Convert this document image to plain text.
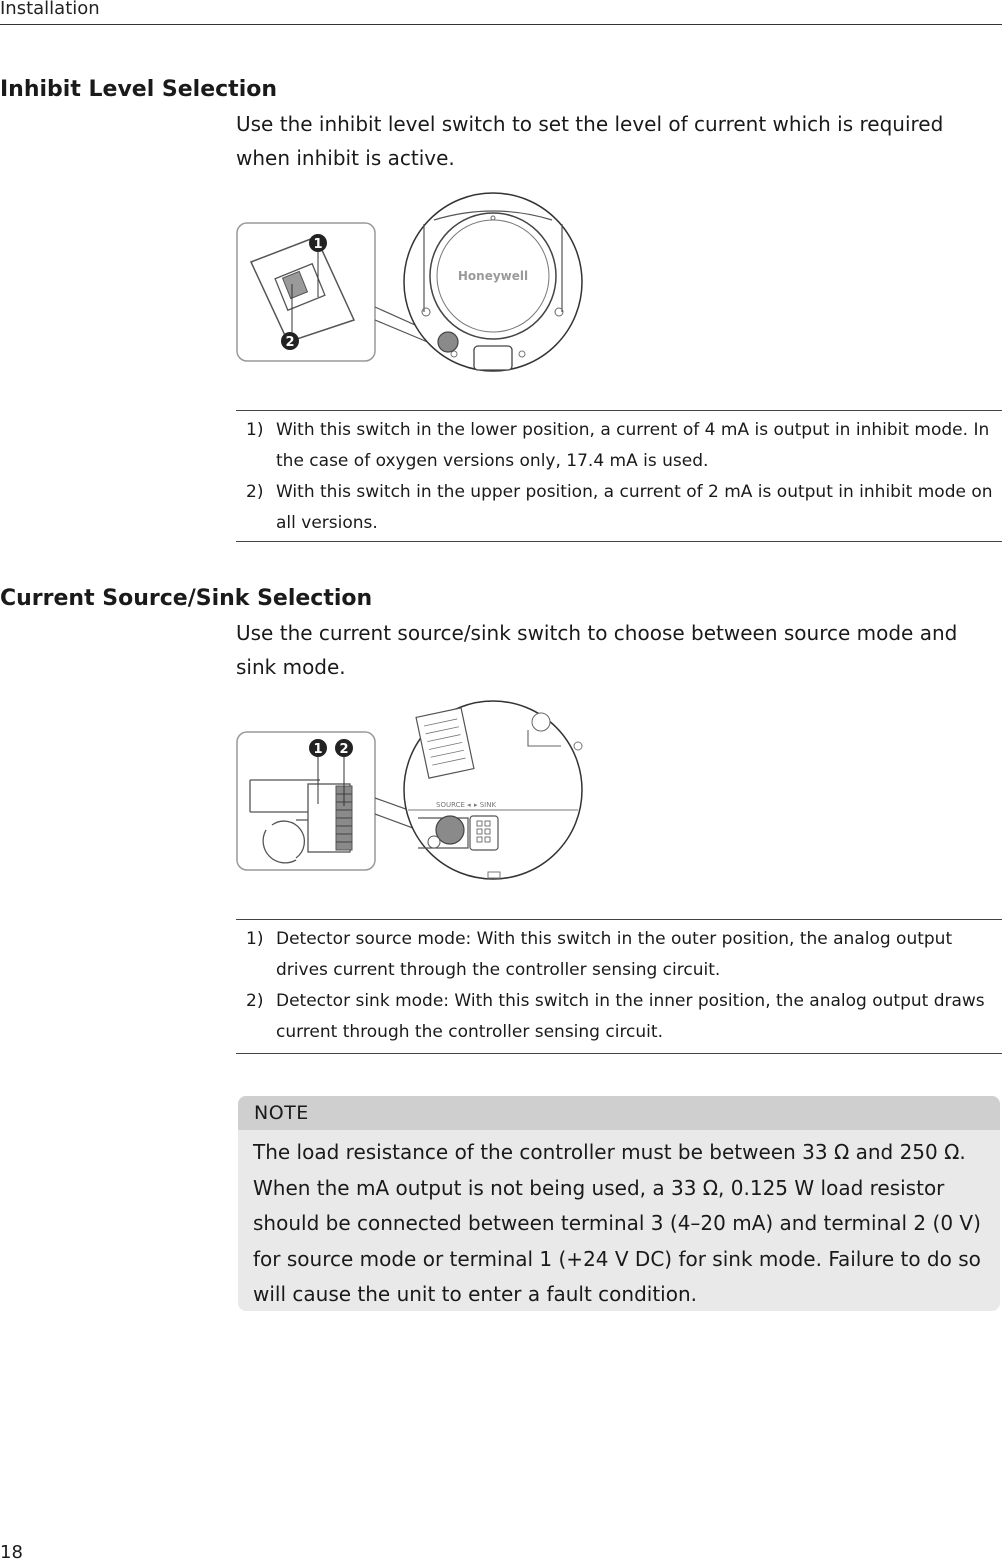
Installation
Inhibit Level Selection

Use the inhibit level switch to set the level of current which is required when inhibit is active.

1
2
Honeywell
1) With this switch in the lower position, a current of 4 mA is output in inhibit mode. In the case of oxygen versions only, 17.4 mA is used.
2) With this switch in the upper position, a current of 2 mA is output in inhibit mode on all versions.
Current Source/Sink Selection

Use the current source/sink switch to choose between source mode and sink mode.

1 2
SOURCE ◂ ▸ SINK
1) Detector source mode: With this switch in the outer position, the analog output drives current through the controller sensing circuit.
2) Detector sink mode: With this switch in the inner position, the analog output draws current through the controller sensing circuit.
NOTE
The load resistance of the controller must be between 33 Ω and 250 Ω. When the mA output is not being used, a 33 Ω, 0.125 W load resistor should be connected between terminal 3 (4–20 mA) and terminal 2 (0 V) for source mode or terminal 1 (+24 V DC) for sink mode. Failure to do so will cause the unit to enter a fault condition.
18
